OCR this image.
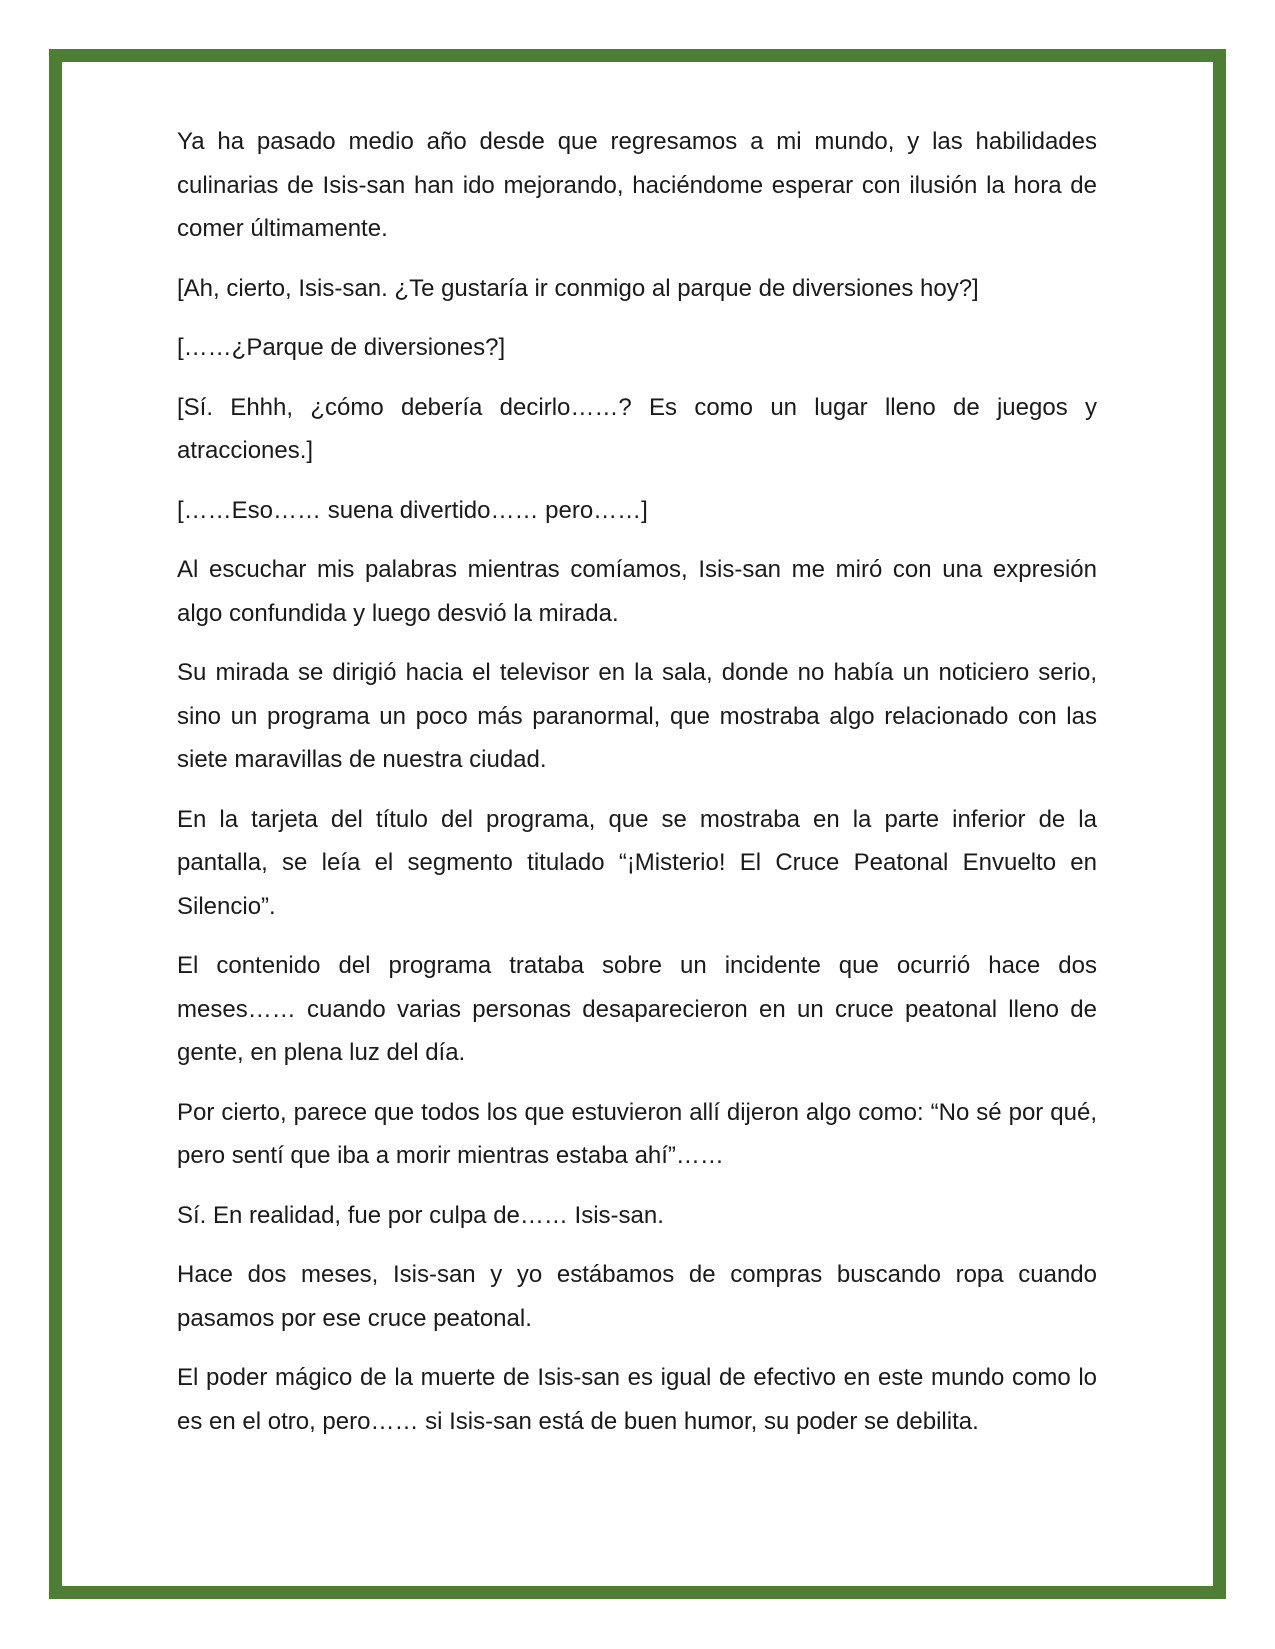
Ya ha pasado medio año desde que regresamos a mi mundo, y las habilidades culinarias de Isis-san han ido mejorando, haciéndome esperar con ilusión la hora de comer últimamente.

[Ah, cierto, Isis-san. ¿Te gustaría ir conmigo al parque de diversiones hoy?]

[……¿Parque de diversiones?]

[Sí. Ehhh, ¿cómo debería decirlo……? Es como un lugar lleno de juegos y atracciones.]

[……Eso…… suena divertido…… pero……]

Al escuchar mis palabras mientras comíamos, Isis-san me miró con una expresión algo confundida y luego desvió la mirada.

Su mirada se dirigió hacia el televisor en la sala, donde no había un noticiero serio, sino un programa un poco más paranormal, que mostraba algo relacionado con las siete maravillas de nuestra ciudad.

En la tarjeta del título del programa, que se mostraba en la parte inferior de la pantalla, se leía el segmento titulado “¡Misterio! El Cruce Peatonal Envuelto en Silencio”.

El contenido del programa trataba sobre un incidente que ocurrió hace dos meses…… cuando varias personas desaparecieron en un cruce peatonal lleno de gente, en plena luz del día.

Por cierto, parece que todos los que estuvieron allí dijeron algo como: “No sé por qué, pero sentí que iba a morir mientras estaba ahí”……

Sí. En realidad, fue por culpa de…… Isis-san.

Hace dos meses, Isis-san y yo estábamos de compras buscando ropa cuando pasamos por ese cruce peatonal.

El poder mágico de la muerte de Isis-san es igual de efectivo en este mundo como lo es en el otro, pero…… si Isis-san está de buen humor, su poder se debilita.
